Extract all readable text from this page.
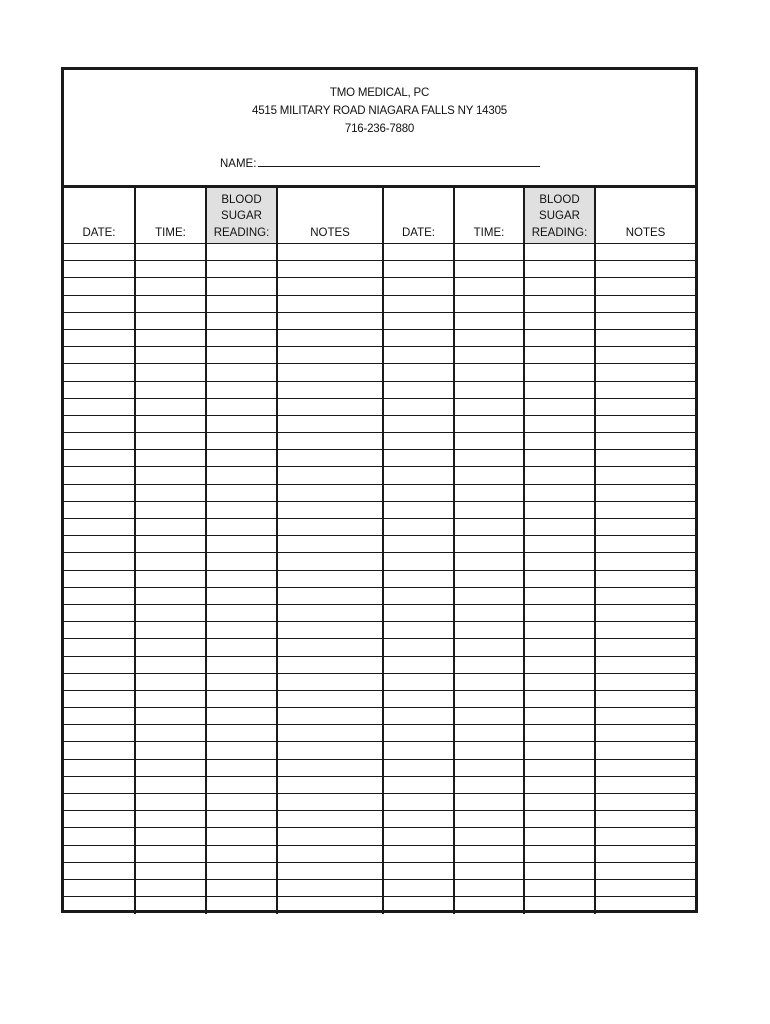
TMO MEDICAL, PC
4515 MILITARY ROAD NIAGARA FALLS NY 14305
716-236-7880
NAME:
DATE:	TIME:	BLOOD
SUGAR
READING:	NOTES	DATE:	TIME:	BLOOD
SUGAR
READING:	NOTES
